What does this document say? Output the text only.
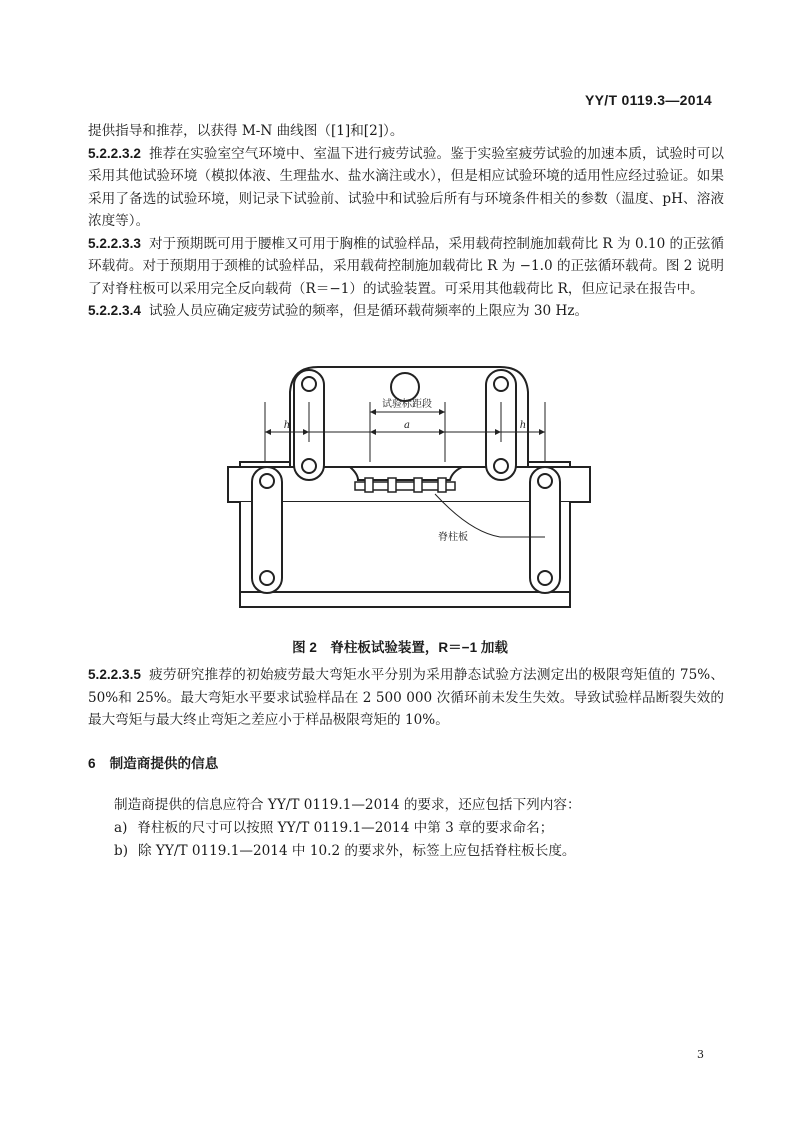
YY/T 0119.3—2014

提供指导和推荐，以获得 M-N 曲线图（[1]和[2]）。

5.2.2.3.2 推荐在实验室空气环境中、室温下进行疲劳试验。鉴于实验室疲劳试验的加速本质，试验时可以采用其他试验环境（模拟体液、生理盐水、盐水滴注或水），但是相应试验环境的适用性应经过验证。如果采用了备选的试验环境，则记录下试验前、试验中和试验后所有与环境条件相关的参数（温度、pH、溶液浓度等）。

5.2.2.3.3 对于预期既可用于腰椎又可用于胸椎的试验样品，采用载荷控制施加载荷比 R 为 0.10 的正弦循环载荷。对于预期用于颈椎的试验样品，采用载荷控制施加载荷比 R 为 −1.0 的正弦循环载荷。图 2 说明了对脊柱板可以采用完全反向载荷（R＝−1）的试验装置。可采用其他载荷比 R，但应记录在报告中。

5.2.2.3.4 试验人员应确定疲劳试验的频率，但是循环载荷频率的上限应为 30 Hz。

试验标距段
h	a	h
脊柱板
图 2　脊柱板试验装置，R＝−1 加载

5.2.2.3.5 疲劳研究推荐的初始疲劳最大弯矩水平分别为采用静态试验方法测定出的极限弯矩值的 75%、50%和 25%。最大弯矩水平要求试验样品在 2 500 000 次循环前未发生失效。导致试验样品断裂失效的最大弯矩与最大终止弯矩之差应小于样品极限弯矩的 10%。

6 制造商提供的信息

制造商提供的信息应符合 YY/T 0119.1—2014 的要求，还应包括下列内容：

a) 脊柱板的尺寸可以按照 YY/T 0119.1—2014 中第 3 章的要求命名；

b) 除 YY/T 0119.1—2014 中 10.2 的要求外，标签上应包括脊柱板长度。

3
